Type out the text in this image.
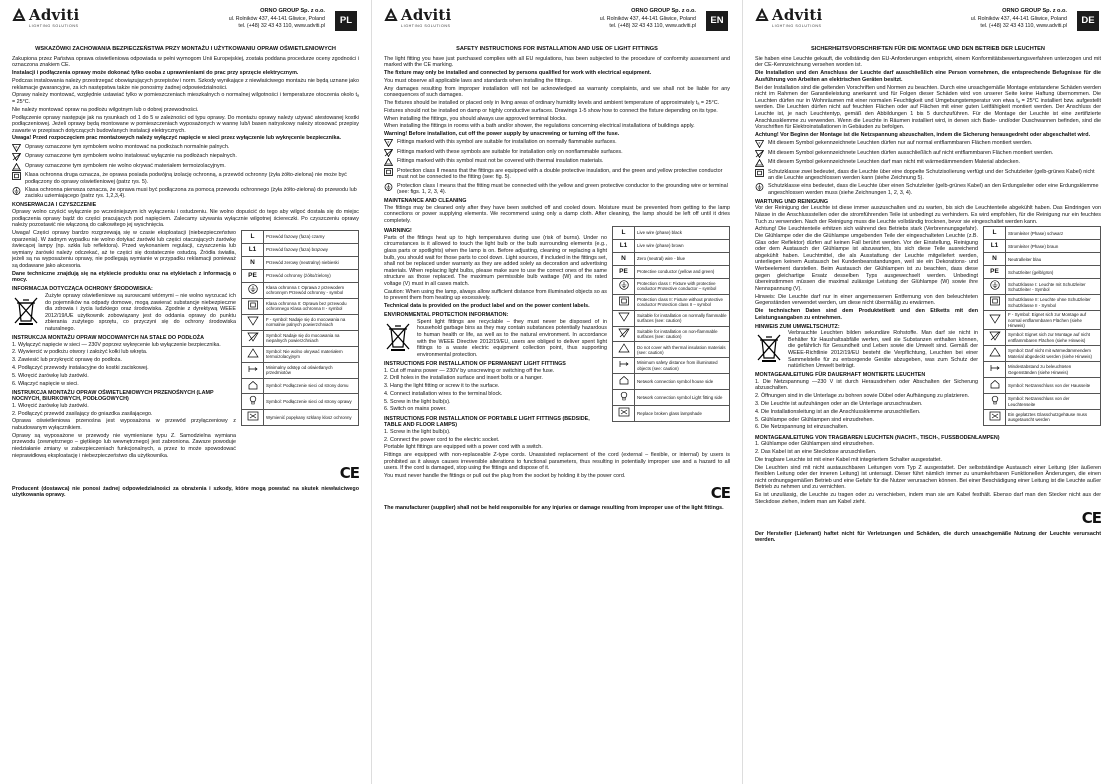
Adviti
LIGHTING SOLUTIONS
ORNO GROUP Sp. z o.o.
ul. Rolników 437, 44-141 Gliwice, Poland
tel. (+48) 32 43 43 110, www.adviti.pl	PL
WSKAZÓWKI ZACHOWANIA BEZPIECZEŃSTWA PRZY MONTAŻU I UŻYTKOWANIU OPRAW OŚWIETLENIOWYCH

Zakupiona przez Państwa oprawa oświetleniowa odpowiada w pełni wymogom Unii Europejskiej, została poddana procedurze oceny zgodności i oznaczona znakiem CE.

Instalacji i podłączenia oprawy może dokonać tylko osoba z uprawnieniami do prac przy sprzęcie elektrycznym.

Podczas instalowania należy przestrzegać obowiązujących przepisów i norm. Szkody wynikające z niewłaściwego montażu nie będą uznane jako reklamacje gwarancyjne, za ich następstwa także nie ponosimy żadnej odpowiedzialności.

Oprawy należy montować, względnie ustawiać tylko w pomieszczeniach mieszkalnych o normalnej wilgotności i temperaturze otoczenia około tₐ = 25°C.

Nie należy montować opraw na podłożu wilgotnym lub o dobrej przewodności.

Podłączenie oprawy następuje jak na rysunkach od 1 do 5 w zależności od typu oprawy. Do montażu oprawy należy używać atestowanej kostki podłączeniowej. Jeżeli oprawy będą montowane w pomieszczeniach wyposażonych w wannę lub/i basen natryskowy należy stosować przepisy zawarte w przepisach dotyczących budowlanych instalacji elektrycznych.

Uwaga! Przed rozpoczęciem prac montażowych należy wyłączyć napięcie w sieci przez wyłączenie lub wykręcenie bezpiecznika.

F Oprawy oznaczone tym symbolem wolno montować na podłożach normalnie palnych.
Oprawy oznaczone tym symbolem wolno instalować wyłącznie na podłożach niepalnych.
Oprawy oznaczone tym symbolem nie wolno okrywać materiałem termoizolacyjnym.
Klasa ochronna druga oznacza, że oprawa posiada podwójną izolację ochronną, a przewód ochronny (żyła żółto-zielona) nie może być podłączony do oprawy oświetleniowej (patrz rys. 5).
Klasa ochronna pierwsza oznacza, że oprawa musi być podłączona za pomocą przewodu ochronnego (żyła żółto-zielona) do przewodu lub zacisku uziemiającego (patrz rys. 1,2,3,4).
KONSERWACJA I CZYSZCZENIE

Oprawy wolno czyścić wyłącznie po wcześniejszym ich wyłączeniu i ostudzeniu. Nie wolno dopuścić do tego aby wilgoć dostała się do miejsc podłączenia oprawy bądź do części pracujących pod napięciem. Zalecamy używania wyłącznie wilgotnej ściereczki. Po czyszczeniu oprawy należy pozostawić nie włączoną do całkowitego jej wyschnięcia.

Uwaga! Części oprawy bardzo rozgrzewają się w czasie eksploatacji (niebezpieczeństwo oparzenia). W żadnym wypadku nie wolno dotykać żarówki lub części otaczających żarówkę świecącej lampy (np. szkła lub reflektora). Przed wykonaniem regulacji, czyszczenia lub wymiany żarówki należy odczekać, aż te części się dostatecznie ostudzą. Źródła światła, jeżeli są na wyposażeniu oprawy, nie podlegają wymianie w przypadku reklamacji ponieważ są dodawane jako akcesoria.

Dane techniczne znajdują się na etykiecie produktu oraz na etykietach z informacją o mocy.

INFORMACJA DOTYCZĄCA OCHRONY ŚRODOWISKA:

Zużyte oprawy oświetleniowe są surowcami wtórnymi – nie wolno wyrzucać ich do pojemników na odpady domowe, mogą zawierać substancje niebezpieczne dla zdrowia i życia ludzkiego oraz środowiska. Zgodnie z dyrektywą WEEE 2012/19/UE użytkownik zobowiązany jest do oddania oprawy do punktu zbierania zużytego sprzętu, co przyczyni się do ochrony środowiska naturalnego.

INSTRUKCJA MONTAŻU OPRAW MOCOWANYCH NA STAŁE DO PODŁOŻA

1. Wyłączyć napięcie w sieci — 230V poprzez wykręcenie lub wyłączenie bezpiecznika.

2. Wywiercić w podłożu otwory i założyć kołki lub wkręta.

3. Zawiesić lub przykręcić oprawę do podłoża.

4. Podłączyć przewody instalacyjne do kostki zaciskowej.

5. Wkręcić żarówkę lub żarówki.

6. Włączyć napięcie w sieci.

INSTRUKCJA MONTAŻU OPRAW OŚWIETLENIOWYCH PRZENOŚNYCH (LAMP NOCNYCH, BIURKOWYCH, PODŁOGOWYCH)

1. Wkręcić żarówkę lub żarówki.

2. Podłączyć przewód zasilający do gniazdka zasilającego.

Oprawa oświetleniowa przenośna jest wyposażona w przewód przyłączeniowy z nabudowanym wyłącznikiem.

Oprawy są wyposażone w przewody nie wymieniane typu Z. Samodzielna wymiana przewodu (zewnętrznego – giętkiego lub wewnętrznego) jest zabroniona. Zawsze powoduje niedziałanie zmiany w zabezpieczeniach funkcjonalnych, a przez to może spowodować nieprawidłową eksploatację i niebezpieczeństwo dla użytkownika.

L	Przewód fazowy (faza) czarny
L1	Przewód fazowy (faza) brązowy
N	Przewód zerowy (neutralny) niebieski
PE	Przewód ochronny (żółto/zielony)
	Klasa ochronna I: Oprawa z przewodem ochronnym Przewód ochronny - symbol
	Klasa ochronna II: Oprawa bez przewodu ochronnego Klasa ochronna II - symbol
	F - symbol: Nadaje się do mocowania na normalnie palnych powierzchniach
	Symbol: Nadaje się do mocowania na niepalnych powierzchniach
	Symbol: Nie wolno okrywać materiałem termoizolacyjnym
	Minimalny odstęp od oświetlanych przedmiotów
	Symbol: Podłączenie sieci od strony domu
	Symbol: Podłączenie sieci od strony oprawy
	Wymienić popękany szklany klosz ochronny
CE

Producent (dostawca) nie ponosi żadnej odpowiedzialności za obrażenia i szkody, które mogą powstać na skutek niewłaściwego użytkowania oprawy.

Adviti
LIGHTING SOLUTIONS
ORNO GROUP Sp. z o.o.
ul. Rolników 437, 44-141 Gliwice, Poland
tel. (+48) 32 43 43 110, www.adviti.pl	EN
SAFETY INSTRUCTIONS FOR INSTALLATION AND USE OF LIGHT FITTINGS

The light fitting you have just purchased complies with all EU regulations, has been subjected to the procedure of conformity assessment and marked with the CE marking.

The fixture may only be installed and connected by persons qualified for work with electrical equipment.

You must observe all applicable laws and standards when installing the fittings.

Any damages resulting from improper installation will not be acknowledged as warranty complaints, and we shall not be liable for any consequences of such damages.

The fixtures should be installed or placed only in living areas of ordinary humidity levels and ambient temperature of approximately tₐ = 25°C.

Fixtures should not be installed on damp or highly conductive surfaces. Drawings 1-5 show how to connect the fixture depending on its type.

When installing the fittings, you should always use approved terminal blocks.

When installing the fittings in rooms with a bath and/or shower, the regulations concerning electrical installations of buildings apply.

Warning! Before installation, cut off the power supply by unscrewing or turning off the fuse.

F Fittings marked with this symbol are suitable for installation on normally flammable surfaces.
Fittings marked with these symbols are suitable for installation only on nonflammable surfaces.
Fittings marked with this symbol must not be covered with thermal insulation materials.
Protection class II means that the fittings are equipped with a double protective insulation, and the green and yellow protective conductor must not be connected to the fitting (see: fig. 5).
Protection class I means that the fitting must be connected with the yellow and green protective conductor to the grounding wire or terminal (see: figs. 1, 2, 3, 4).
MAINTENANCE AND CLEANING

The fittings may be cleaned only after they have been switched off and cooled down. Moisture must be prevented from getting to the lamp connections or power supplying elements. We recommend using only a damp cloth. After cleaning, the lamp should be left off until it dries completely.

WARNING!

Parts of the fittings heat up to high temperatures during use (risk of burns). Under no circumstances is it allowed to touch the light bulb or the bulb surrounding elements (e.g., glass parts or spotlights) when the lamp is on. Before adjusting, cleaning or replacing a light bulb, you should wait for those parts to cool down. Light sources, if included in the fittings set, shall not be replaced under warranty as they are added solely as decoration and advertising materials. When replacing light bulbs, please make sure to use the correct ones of the same structure as those replaced. The maximum permissible bulb wattage (W) and its rated voltage (V) must in all cases match.

Caution: When using the lamp, always allow sufficient distance from illuminated objects so as to prevent them from heating up excessively.

Technical data is provided on the product label and on the power content labels.

ENVIRONMENTAL PROTECTION INFORMATION:

Spent light fittings are recyclable – they must never be disposed of in household garbage bins as they may contain substances potentially hazardous to human health or life, as well as to the natural environment. In accordance with the WEEE Directive 2012/19/EU, users are obliged to deliver spent light fittings to a waste electric equipment collection point, thus supporting environmental protection.

INSTRUCTIONS FOR INSTALLATION OF PERMANENT LIGHT FITTINGS

1. Cut off mains power — 230V by unscrewing or switching off the fuse.

2. Drill holes in the installation surface and insert bolts or a hanger.

3. Hang the light fitting or screw it to the surface.

4. Connect installation wires to the terminal block.

5. Screw in the light bulb(s).

6. Switch on mains power.

INSTRUCTIONS FOR INSTALLATION OF PORTABLE LIGHT FITTINGS (BEDSIDE, TABLE AND FLOOR LAMPS)

1. Screw in the light bulb(s).

2. Connect the power cord to the electric socket.

Portable light fittings are equipped with a power cord with a switch.

L	Live wire (phase) black
L1	Live wire (phase) brown
N	Zero (neutral) wire - blue
PE	Protective conductor (yellow and green)
	Protection class I: Fixture with protective conductor Protective conductor – symbol
	Protection class II: Fixture without protective conductor Protection class II – symbol
	Suitable for installation on normally flammable surfaces (see: caution)
	Suitable for installation on non-flammable surfaces (see: caution)
	Do not cover with thermal insulation materials (see: caution)
	Minimum safety distance from illuminated objects (see: caution)
	Network connection symbol house side
	Network connection symbol Light fitting side
	Replace broken glass lampshade

Fittings are equipped with non-replaceable Z-type cords. Unassisted replacement of the cord (external – flexible, or internal) by users is prohibited as it always causes irreversible alterations to functional parameters, thus resulting in potentially improper use and a hazard to all users. If the cord is damaged, stop using the fittings and dispose of it.

You must never handle the fittings or pull out the plug from the socket by holding it by the power cord.

CE

The manufacturer (supplier) shall not be held responsible for any injuries or damage resulting from improper use of the light fittings.

Adviti
LIGHTING SOLUTIONS
ORNO GROUP Sp. z o.o.
ul. Rolników 437, 44-141 Gliwice, Poland
tel. (+48) 32 43 43 110, www.adviti.pl	DE
SICHERHEITSVORSCHRIFTEN FÜR DIE MONTAGE UND DEN BETRIEB DER LEUCHTEN

Sie haben eine Leuchte gekauft, die vollständig den EU-Anforderungen entspricht, einem Konformitätsbewertungsverfahren unterzogen und mit der CE-Kennzeichnung versehen worden ist.

Die Installation und den Anschluss der Leuchte darf ausschließlich eine Person vornehmen, die entsprechende Befugnisse für die Ausführung von Arbeiten an elektrischen Geräten besitzt.

Bei der Installation sind die geltenden Vorschriften und Normen zu beachten. Durch eine unsachgemäße Montage entstandene Schäden werden nicht im Rahmen der Garantieleistung anerkannt und für Folgen dieser Schäden wird von unserer Seite keine Haftung übernommen. Die Leuchten dürfen nur in Wohnräumen mit einer normalen Feuchtigkeit und Umgebungstemperatur von etwa tₐ = 25°C installiert bzw. aufgestellt werden. Die Leuchten dürfen nicht auf feuchten Flächen oder auf Flächen mit einer guten Leitfähigkeit montiert werden. Der Anschluss der Leuchte ist, je nach Leuchtentyp, gemäß den Abbildungen 1 bis 5 durchzuführen. Für die Montage der Leuchte ist eine zertifizierte Anschlussklemme zu verwenden. Wenn die Leuchte in Räumen installiert wird, in denen sich Bade- und/oder Duschwannen befinden, sind die Vorschriften für Elektroinstallationen in Gebäuden zu befolgen.

Achtung! Vor Beginn der Montage ist die Netzspannung abzuschalten, indem die Sicherung herausgedreht oder abgeschaltet wird.

F Mit diesem Symbol gekennzeichnete Leuchten dürfen nur auf normal entflammbaren Flächen montiert werden.
Mit diesem Symbol gekennzeichnete Leuchten dürfen ausschließlich auf nicht entflammbaren Flächen montiert werden.
Mit diesem Symbol gekennzeichnete Leuchten darf man nicht mit wärmedämmendem Material abdecken.
Schutzklasse zwei bedeutet, dass die Leuchte über eine doppelte Schutzisolierung verfügt und der Schutzleiter (gelb-grünes Kabel) nicht an die Leuchte angeschlossen werden kann (siehe Zeichnung 5).
Schutzklasse eins bedeutet, dass die Leuchte über einen Schutzleiter (gelb-grünes Kabel) an den Erdungsleiter oder eine Erdungsklemme angeschlossen werden muss (siehe Zeichnungen 1, 2, 3, 4).
WARTUNG UND REINIGUNG

Vor der Reinigung der Leuchte ist diese immer auszuschalten und zu warten, bis sich die Leuchtenteile abgekühlt haben. Das Eindringen von Nässe in die Anschlussstellen oder die stromführenden Teile ist unbedingt zu verhindern. Es wird empfohlen, für die Reinigung nur ein feuchtes Tuch zu verwenden. Nach der Reinigung muss die Leuchte vollständig trocknen, bevor sie eingeschaltet werden kann.

Achtung! Die Leuchtenteile erhitzen sich während des Betriebs stark (Verbrennungsgefahr). Die Glühlampe oder die die Glühlampe umgebenden Teile der eingeschalteten Leuchte (z.B. Glas oder Reflektor) dürfen auf keinen Fall berührt werden. Vor der Einstellung, Reinigung oder dem Austausch der Glühlampe ist abzuwarten, bis sich diese Teile ausreichend abgekühlt haben. Leuchtmittel, die als Ausstattung der Leuchte mitgeliefert werden, unterliegen keinem Austausch bei Kundenbeanstandungen, weil sie ein Dekorations- und Werbeelement darstellen. Beim Austausch der Glühlampen ist zu beachten, dass diese gegen gleichartige Ersatz desselben Typs ausgewechselt werden. Unbedingt übereinstimmen müssen die maximal zulässige Leistung der Glühlampe (W) sowie ihre Nennspannung (V).

Hinweis: Die Leuchte darf nur in einer angemessenen Entfernung von den beleuchteten Gegenständen verwendet werden, um diese nicht übermäßig zu erwärmen.

Die technischen Daten sind dem Produktetikett und den Etiketts mit den Leistungsangaben zu entnehmen.

HINWEIS ZUM UMWELTSCHUTZ:

Verbrauchte Leuchten bilden sekundäre Rohstoffe. Man darf sie nicht in Behälter für Haushaltsabfälle werfen, weil sie Substanzen enthalten können, die gefährlich für Gesundheit und Leben sowie die Umwelt sind. Gemäß der WEEE-Richtlinie 2012/19/EU besteht die Verpflichtung, Leuchten bei einer Sammelstelle für zu entsorgende Geräte abzugeben, was zum Schutz der natürlichen Umwelt beiträgt.

MONTAGEANLEITUNG FÜR DAUERHAFT MONTIERTE LEUCHTEN

1. Die Netzspannung —230 V ist durch Herausdrehen oder Abschalten der Sicherung abzuschalten.

2. Öffnungen sind in die Unterlage zu bohren sowie Dübel oder Aufhängung zu platzieren.

3. Die Leuchte ist aufzuhängen oder an die Unterlage anzuschrauben.

4. Die Installationsleitung ist an die Anschlussklemme anzuschließen.

5. Glühlampe oder Glühlampen sind einzudrehen.

6. Die Netzspannung ist einzuschalten.

L	Stromleiter (Phase) schwarz
L1	Stromleiter (Phase) braun
N	Neutralleiter blau
PE	Schutzleiter (gelb/grün)
	Schutzklasse I: Leuchte mit Schutzleiter Schutzleiter - Symbol
	Schutzklasse II: Leuchte ohne Schutzleiter Schutzklasse II - Symbol
	F - Symbol: Eignet sich zur Montage auf normal entflammbaren Flächen (siehe Hinweis)
	Symbol: Eignet sich zur Montage auf nicht entflammbaren Flächen (siehe Hinweis)
	Symbol: Darf nicht mit wärmedämmendem Material abgedeckt werden (siehe Hinweis)
	Mindestabstand zu beleuchteten Gegenständen (siehe Hinweis)
	Symbol: Netzanschluss von der Hausseite
	Symbol: Netzanschluss von der Leuchtenseite
	Ein geplatztes Glasschutzgehäuse muss ausgetauscht werden
MONTAGEANLEITUNG VON TRAGBAREN LEUCHTEN (NACHT-, TISCH-, FUSSBODENLAMPEN)

1. Glühlampe oder Glühlampen sind einzudrehen.

2. Das Kabel ist an eine Steckdose anzuschließen.

Die tragbare Leuchte ist mit einer Kabel mit integriertem Schalter ausgestattet.

Die Leuchten sind mit nicht austauschbaren Leitungen vom Typ Z ausgestattet. Der selbstständige Austausch einer Leitung (der äußeren flexiblen Leitung oder der inneren Leitung) ist untersagt. Dieser führt nämlich immer zu unumkehrbaren Funktionellen Änderungen, die einen nicht ordnungsgemäßen Betrieb und eine Gefahr für die Nutzer verursachen können. Bei einer Beschädigung einer Leitung ist die Leuchte außer Betrieb zu nehmen und zu vernichten.

Es ist unzulässig, die Leuchte zu tragen oder zu verschieben, indem man sie am Kabel festhält. Ebenso darf man den Stecker nicht aus der Steckdose ziehen, indem man am Kabel zieht.

CE

Der Hersteller (Lieferant) haftet nicht für Verletzungen und Schäden, die durch unsachgemäße Nutzung der Leuchte verursacht werden.
